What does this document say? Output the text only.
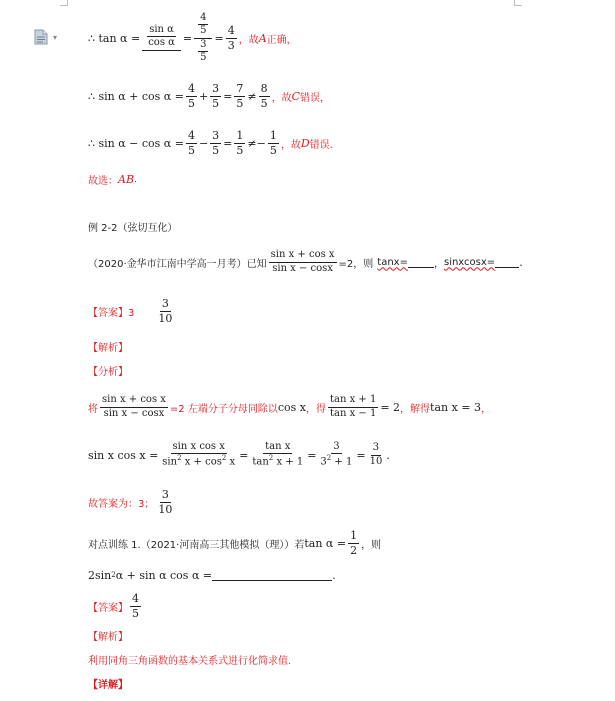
▾	∴ $\tan \alpha = \frac{\text{sin α}}{\text{cos α}} = \frac{\frac{4}{5}}{\frac{3}{5}} = \frac{4}{3}$ ，故 A 正确，
∴ $\sin \alpha + \cos \alpha = \frac{4}{5} + \frac{3}{5} = \frac{7}{5} \ne \frac{8}{5}$ ，故 C 错误，
∴ $\sin \alpha - \cos \alpha = \frac{4}{5} - \frac{3}{5} = \frac{1}{5}$ ≠ − $\frac{1}{5}$ ，故 D 错误.
故选： AB .
例 2-2（弦切互化）
（2020·金华市江南中学高一月考）已知 $\frac{\text{sin x + cos x}}{\text{sin x − cosx}} =2$，则 tanx=	， sinxcosx= .
【答案】$3 \frac{3}{10}$
【解析】
【分析】
将 $\frac{\text{sin x + cos x}}{\text{sin x − cosx}} =2$ 左端分子分母同除以 cos x ，得 $\frac{\text{tan x + 1}}{\text{tan x − 1}} = 2$ ，解得 tan x = 3 ，
sin x $\cos x = \frac{\text{sin x cos x}}{\sin^2 x + \cos^2 x} = \frac{\text{tan x}}{\tan^2 x + 1} = \frac{3}{3^2 + 1} = \frac{3}{10}$ .
故答案为：3； $\frac{3}{10}$
对点训练 1.（2021·河南高三其他模拟（理））若 $\tan \alpha = \frac{1}{2}$ ，则
2sin 2 α + sin α cos α =	.
【答案】 $\frac{4}{5}$
【解析】
利用同角三角函数的基本关系式进行化简求值.
【详解】
